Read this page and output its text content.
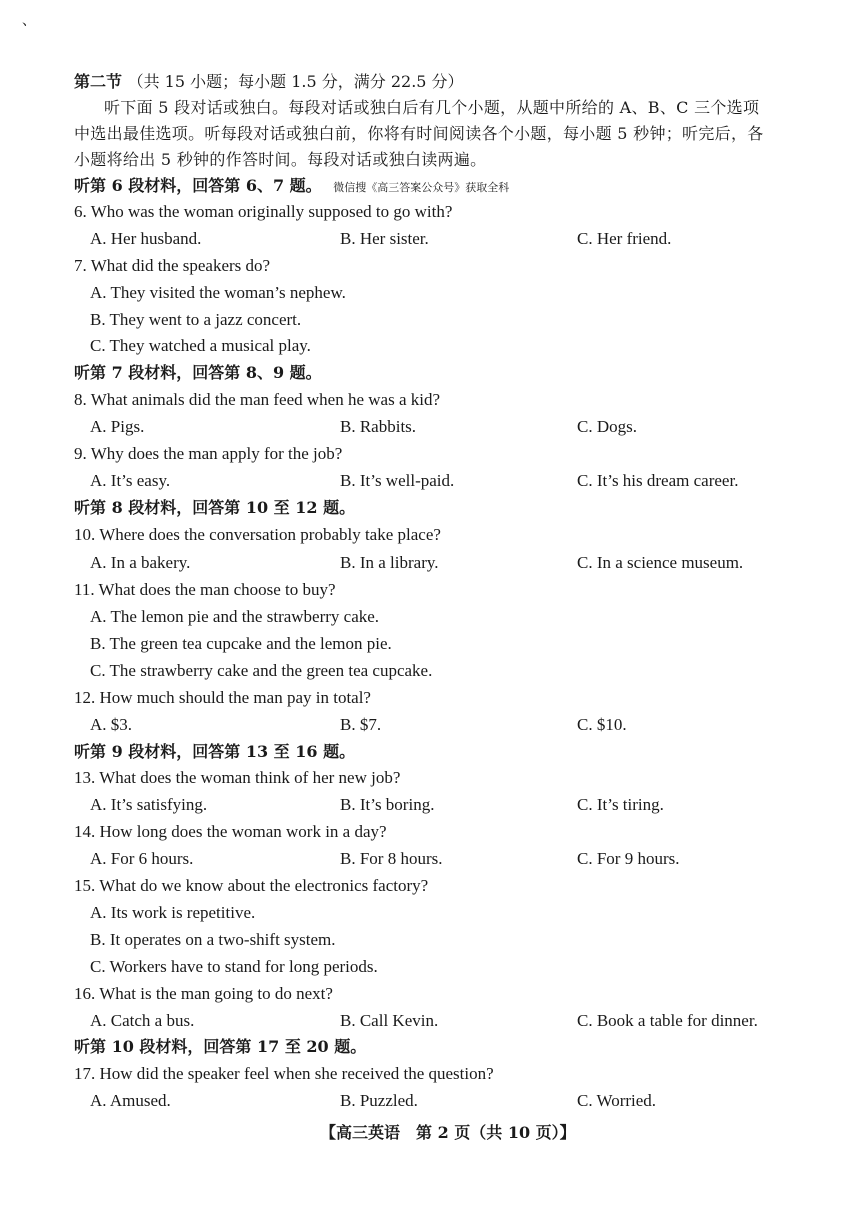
、
第二节 （共 15 小题；每小题 1.5 分，满分 22.5 分）
听下面 5 段对话或独白。每段对话或独白后有几个小题，从题中所给的 A、B、C 三个选项
中选出最佳选项。听每段对话或独白前，你将有时间阅读各个小题，每小题 5 秒钟；听完后，各
小题将给出 5 秒钟的作答时间。每段对话或独白读两遍。
听第 6 段材料，回答第 6、7 题。 微信搜《高三答案公众号》获取全科
6. Who was the woman originally supposed to go with?
A. Her husband.	B. Her sister.	C. Her friend.
7. What did the speakers do?
A. They visited the woman’s nephew.
B. They went to a jazz concert.
C. They watched a musical play.
听第 7 段材料，回答第 8、9 题。
8. What animals did the man feed when he was a kid?
A. Pigs.	B. Rabbits.	C. Dogs.
9. Why does the man apply for the job?
A. It’s easy.	B. It’s well-paid.	C. It’s his dream career.
听第 8 段材料，回答第 10 至 12 题。
10. Where does the conversation probably take place?
A. In a bakery.	B. In a library.	C. In a science museum.
11. What does the man choose to buy?
A. The lemon pie and the strawberry cake.
B. The green tea cupcake and the lemon pie.
C. The strawberry cake and the green tea cupcake.
12. How much should the man pay in total?
A. $3.	B. $7.	C. $10.
听第 9 段材料，回答第 13 至 16 题。
13. What does the woman think of her new job?
A. It’s satisfying.	B. It’s boring.	C. It’s tiring.
14. How long does the woman work in a day?
A. For 6 hours.	B. For 8 hours.	C. For 9 hours.
15. What do we know about the electronics factory?
A. Its work is repetitive.
B. It operates on a two-shift system.
C. Workers have to stand for long periods.
16. What is the man going to do next?
A. Catch a bus.	B. Call Kevin.	C. Book a table for dinner.
听第 10 段材料，回答第 17 至 20 题。
17. How did the speaker feel when she received the question?
A. Amused.	B. Puzzled.	C. Worried.
【高三英语　第 2 页（共 10 页）】
